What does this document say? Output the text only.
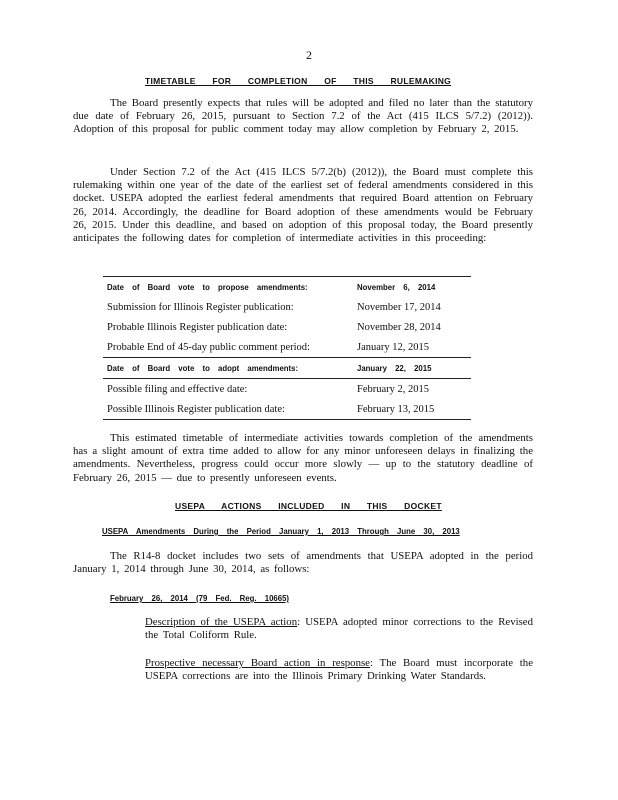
2
TIMETABLE FOR COMPLETION OF THIS RULEMAKING

The Board presently expects that rules will be adopted and filed no later than the statutory due date of February 26, 2015, pursuant to Section 7.2 of the Act (415 ILCS 5/7.2) (2012)). Adoption of this proposal for public comment today may allow completion by February 2, 2015.

Under Section 7.2 of the Act (415 ILCS 5/7.2(b) (2012)), the Board must complete this rulemaking within one year of the date of the earliest set of federal amendments considered in this docket. USEPA adopted the earliest federal amendments that required Board attention on February 26, 2014. Accordingly, the deadline for Board adoption of these amendments would be February 26, 2015. Under this deadline, and based on adoption of this proposal today, the Board presently anticipates the following dates for completion of intermediate activities in this proceeding:

Date of Board vote to propose amendments:	November 6, 2014
Submission for Illinois Register publication:	November 17, 2014
Probable Illinois Register publication date:	November 28, 2014
Probable End of 45-day public comment period:	January 12, 2015
Date of Board vote to adopt amendments:	January 22, 2015
Possible filing and effective date:	February 2, 2015
Possible Illinois Register publication date:	February 13, 2015

This estimated timetable of intermediate activities towards completion of the amendments has a slight amount of extra time added to allow for any minor unforeseen delays in finalizing the amendments. Nevertheless, progress could occur more slowly — up to the statutory deadline of February 26, 2015 — due to presently unforeseen events.

USEPA ACTIONS INCLUDED IN THIS DOCKET
USEPA Amendments During the Period January 1, 2013 Through June 30, 2013

The R14-8 docket includes two sets of amendments that USEPA adopted in the period January 1, 2014 through June 30, 2014, as follows:

February 26, 2014 (79 Fed. Reg. 10665)

Description of the USEPA action: USEPA adopted minor corrections to the Revised the Total Coliform Rule.

Prospective necessary Board action in response: The Board must incorporate the USEPA corrections are into the Illinois Primary Drinking Water Standards.
